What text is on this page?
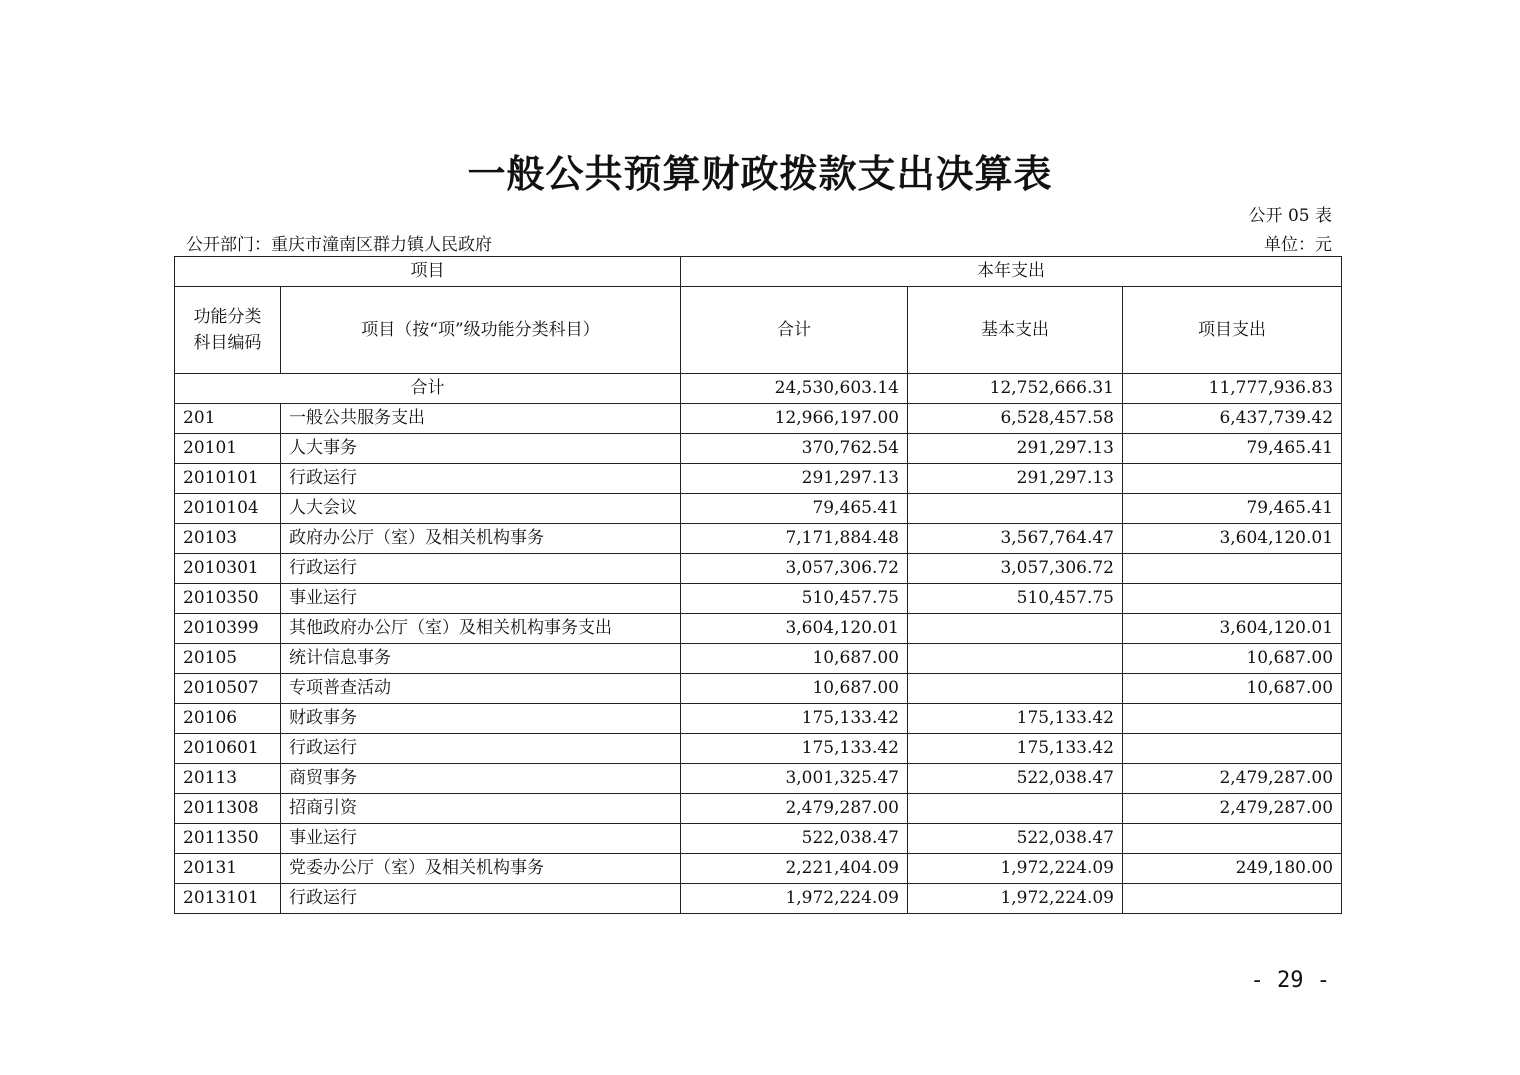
一般公共预算财政拨款支出决算表
公开 05 表
公开部门：重庆市潼南区群力镇人民政府	单位：元
项目		本年支出		
功能分类科目编码	项目（按“项”级功能分类科目）	合计	基本支出	项目支出
合计		24,530,603.14	12,752,666.31	11,777,936.83
201	一般公共服务支出	12,966,197.00	6,528,457.58	6,437,739.42
20101	人大事务	370,762.54	291,297.13	79,465.41
2010101	行政运行	291,297.13	291,297.13	
2010104	人大会议	79,465.41		79,465.41
20103	政府办公厅（室）及相关机构事务	7,171,884.48	3,567,764.47	3,604,120.01
2010301	行政运行	3,057,306.72	3,057,306.72	
2010350	事业运行	510,457.75	510,457.75	
2010399	其他政府办公厅（室）及相关机构事务支出	3,604,120.01		3,604,120.01
20105	统计信息事务	10,687.00		10,687.00
2010507	专项普查活动	10,687.00		10,687.00
20106	财政事务	175,133.42	175,133.42	
2010601	行政运行	175,133.42	175,133.42	
20113	商贸事务	3,001,325.47	522,038.47	2,479,287.00
2011308	招商引资	2,479,287.00		2,479,287.00
2011350	事业运行	522,038.47	522,038.47	
20131	党委办公厅（室）及相关机构事务	2,221,404.09	1,972,224.09	249,180.00
2013101	行政运行	1,972,224.09	1,972,224.09	
- 29 -
